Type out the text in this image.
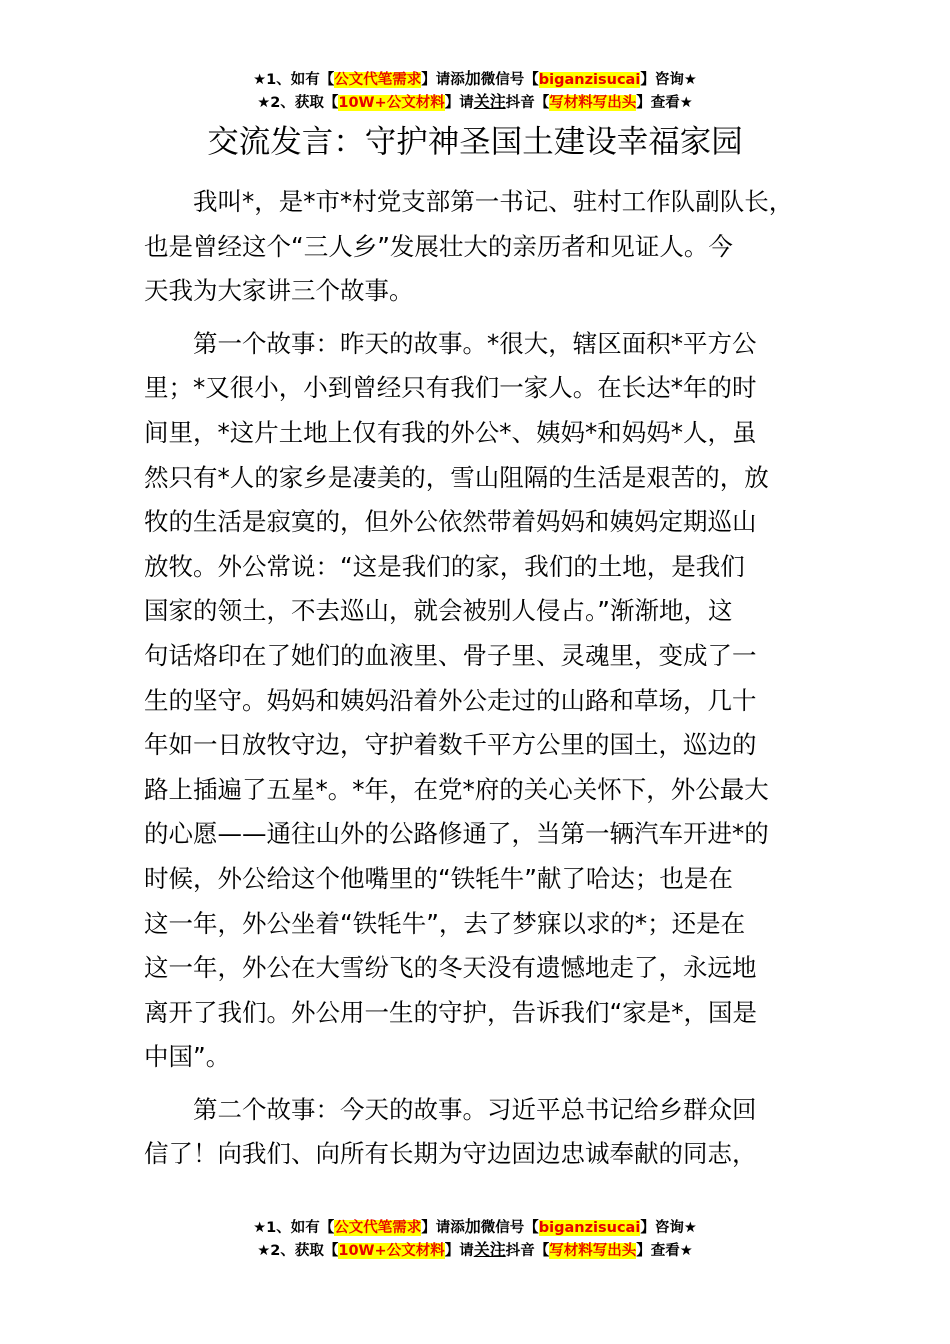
★1、如有【公文代笔需求】请添加微信号【biganzisucai】咨询★
★2、获取【10W+公文材料】请关注抖音【写材料写出头】查看★
交流发言：守护神圣国土建设幸福家园
我叫*，是*市*村党支部第一书记、驻村工作队副队长，
也是曾经这个“三人乡”发展壮大的亲历者和见证人。今
天我为大家讲三个故事。
第一个故事：昨天的故事。*很大，辖区面积*平方公
里；*又很小，小到曾经只有我们一家人。在长达*年的时
间里，*这片土地上仅有我的外公*、姨妈*和妈妈*人，虽
然只有*人的家乡是凄美的，雪山阻隔的生活是艰苦的，放
牧的生活是寂寞的，但外公依然带着妈妈和姨妈定期巡山
放牧。外公常说：“这是我们的家，我们的土地，是我们
国家的领土，不去巡山，就会被别人侵占。”渐渐地，这
句话烙印在了她们的血液里、骨子里、灵魂里，变成了一
生的坚守。妈妈和姨妈沿着外公走过的山路和草场，几十
年如一日放牧守边，守护着数千平方公里的国土，巡边的
路上插遍了五星*。*年，在党*府的关心关怀下，外公最大
的心愿——通往山外的公路修通了，当第一辆汽车开进*的
时候，外公给这个他嘴里的“铁牦牛”献了哈达；也是在
这一年，外公坐着“铁牦牛”，去了梦寐以求的*；还是在
这一年，外公在大雪纷飞的冬天没有遗憾地走了，永远地
离开了我们。外公用一生的守护，告诉我们“家是*，国是
中国”。
第二个故事：今天的故事。习近平总书记给乡群众回
信了！向我们、向所有长期为守边固边忠诚奉献的同志，
★1、如有【公文代笔需求】请添加微信号【biganzisucai】咨询★
★2、获取【10W+公文材料】请关注抖音【写材料写出头】查看★
